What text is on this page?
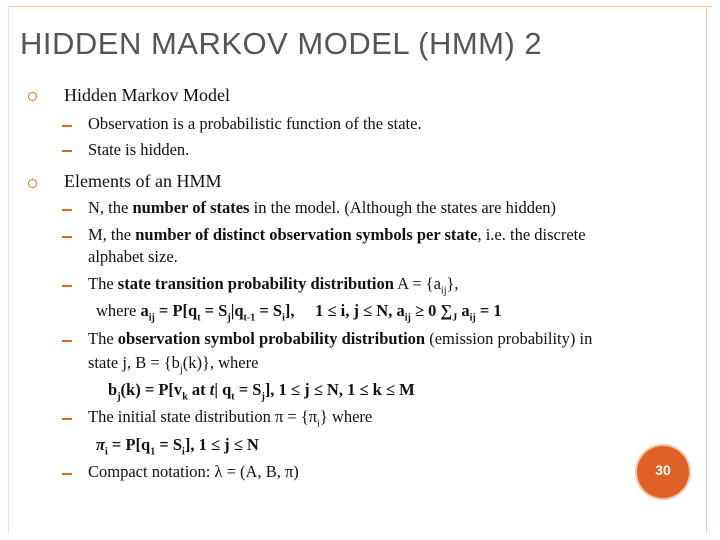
HIDDEN MARKOV MODEL (HMM) 2
Hidden Markov Model
Observation is a probabilistic function of the state.
State is hidden.
Elements of an HMM
N, the number of states in the model. (Although the states are hidden)
M, the number of distinct observation symbols per state, i.e. the discrete
alphabet size.
The state transition probability distribution $A = \{a_{ij}\}$,
where $a_{ij} = P[q_t = S_j|q_{t-1} = S_i]$, 1 ≤ i, j ≤ N, $a_{ij} \ge 0$ $\sum_J$ $a_{ij} = 1$
The observation symbol probability distribution (emission probability) in
state j, $B = \{b_j(k)\}$, where
$b_j(k) = P[v_k$ at t| $q_t = S_j$], 1 ≤ j ≤ N, 1 ≤ k ≤ M
The initial state distribution $\pi = \{\pi_i\}$ where
$\pi_i = P[q_1 = S_i]$, 1 ≤ j ≤ N
Compact notation: λ = (A, B, π)	30
